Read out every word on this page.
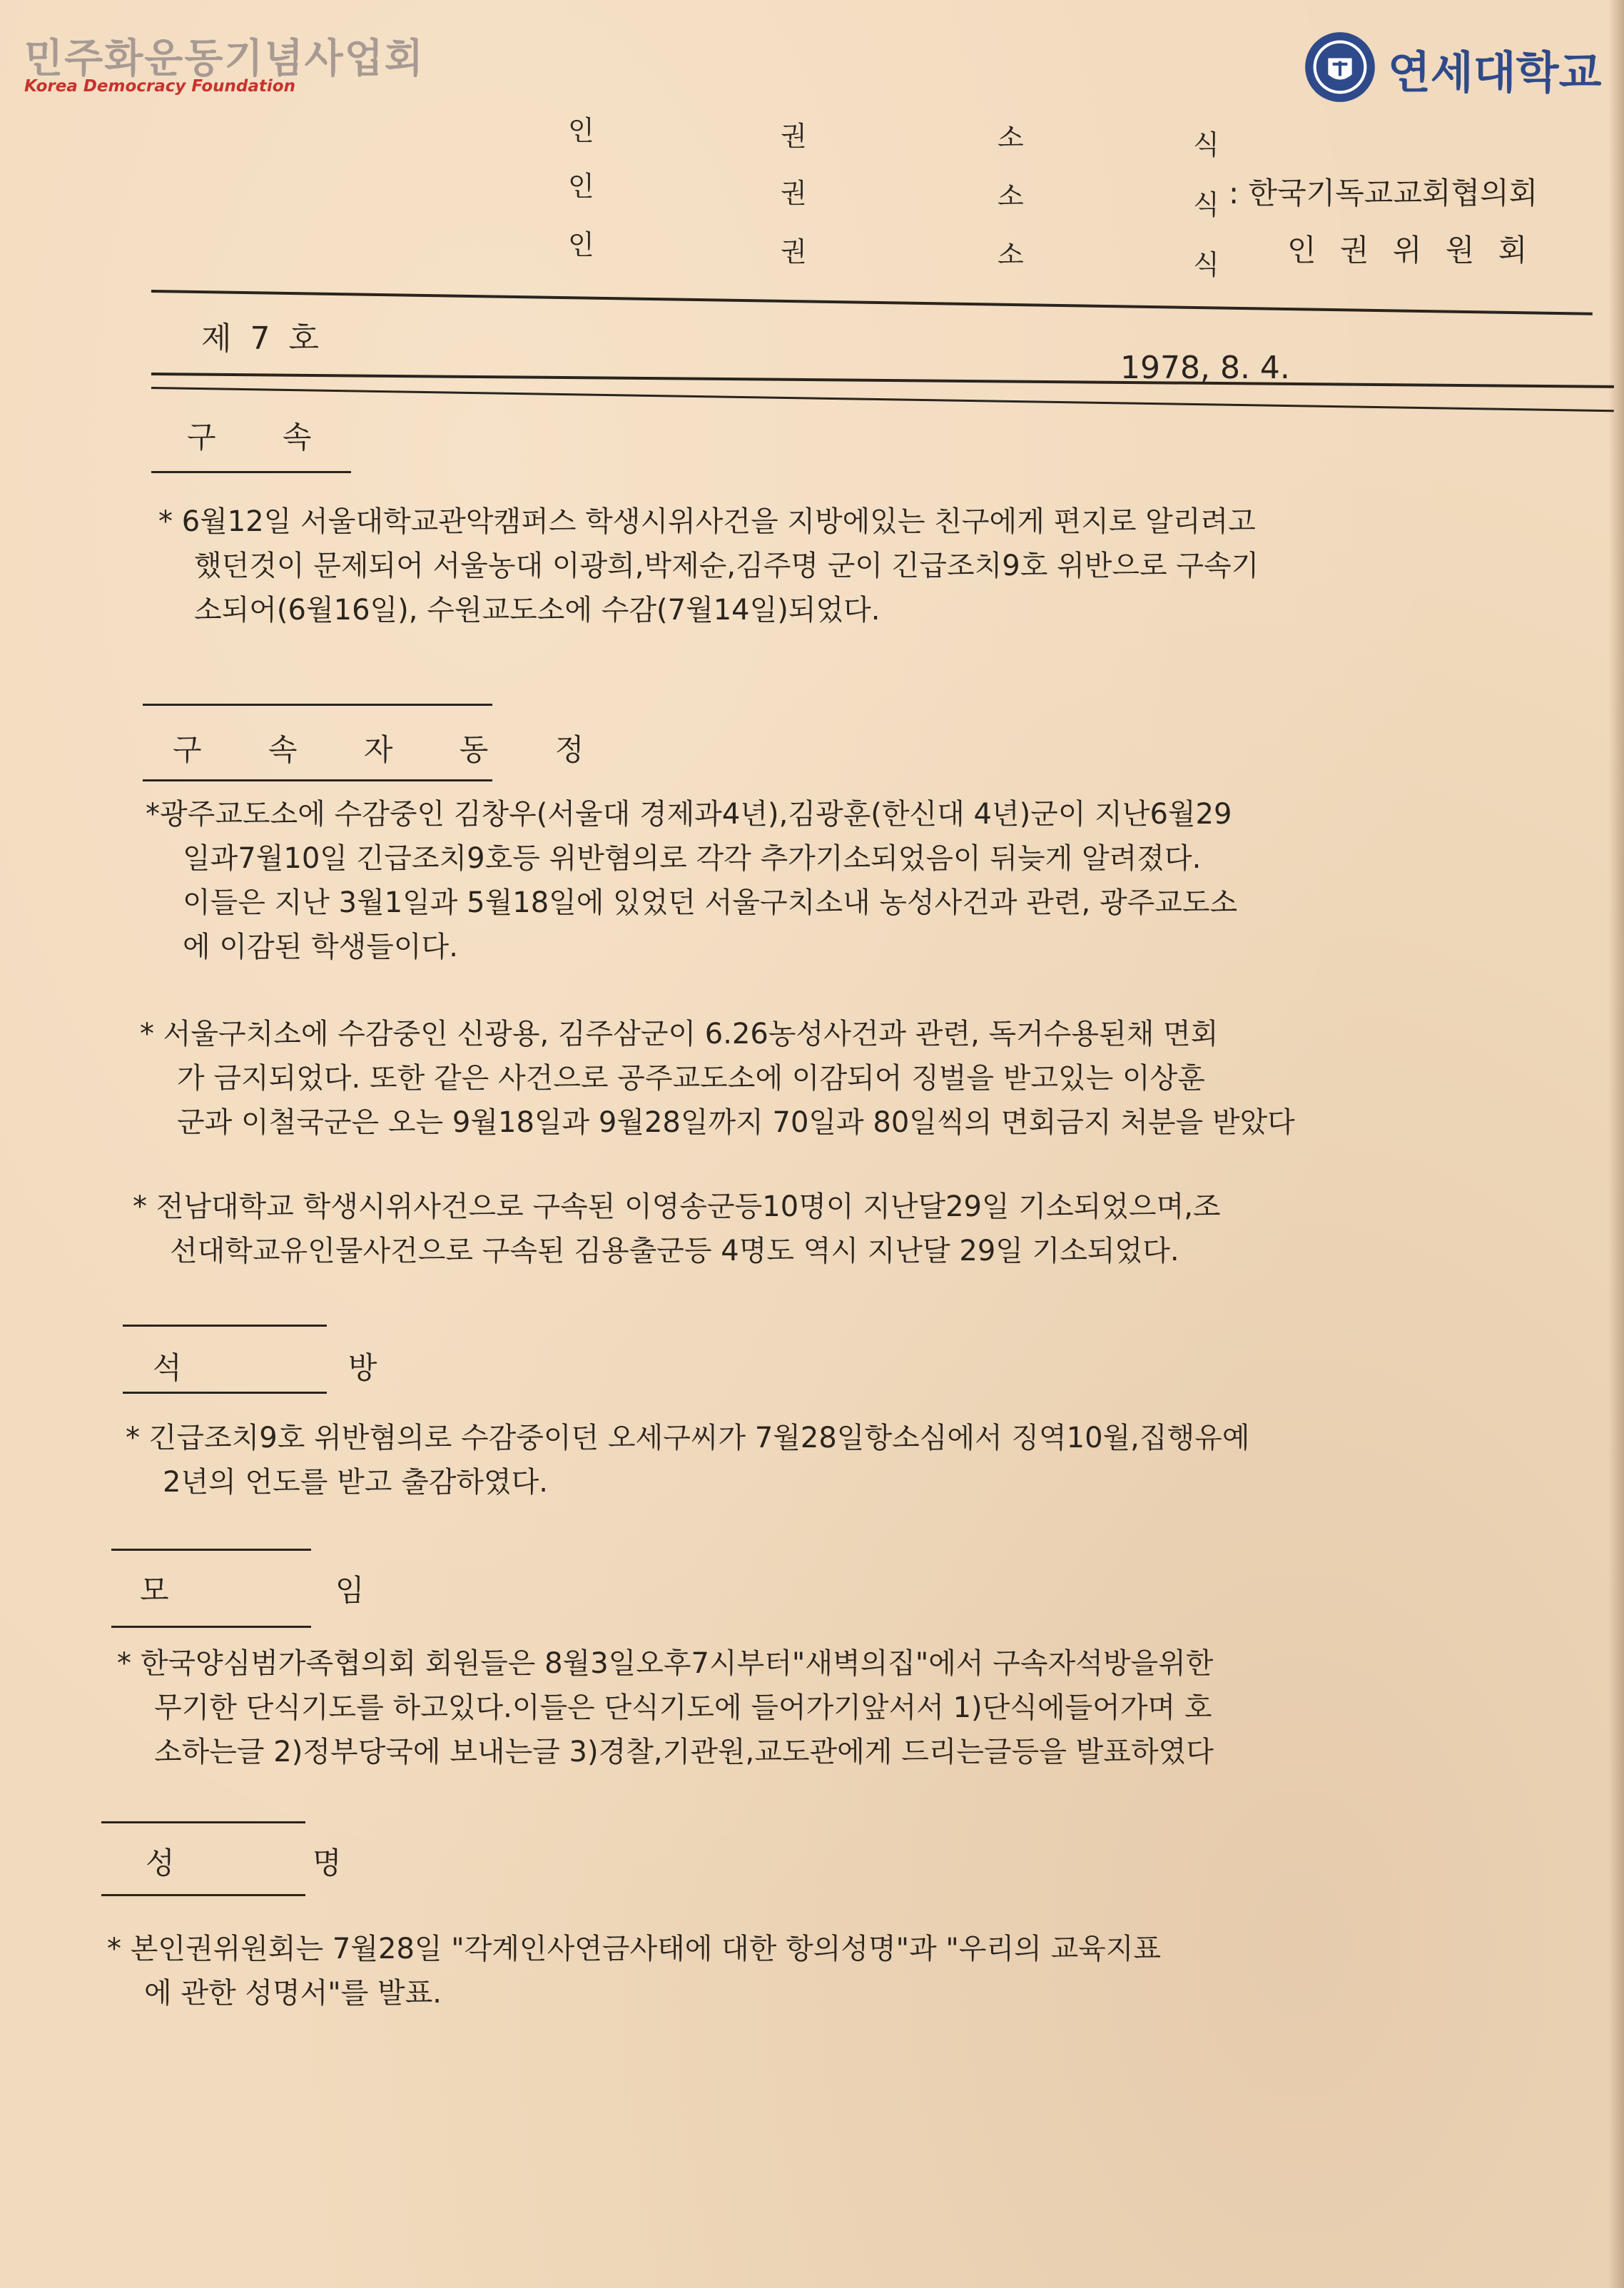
민주화운동기념사업회
Korea Democracy Foundation	연세대학교
인
인
인
권
권
권
소
소
소
식
식
식
: 한국기독교교회협의회
인 권 위 원 회
제 7 호
1978, 8. 4.
구 속
* 6월12일 서울대학교관악캠퍼스 학생시위사건을 지방에있는 친구에게 편지로 알리려고
했던것이 문제되어 서울농대 이광희,박제순,김주명 군이 긴급조치9호 위반으로 구속기
소되어(6월16일), 수원교도소에 수감(7월14일)되었다.
구 속 자 동 정
*광주교도소에 수감중인 김창우(서울대 경제과4년),김광훈(한신대 4년)군이 지난6월29
일과7월10일 긴급조치9호등 위반혐의로 각각 추가기소되었음이 뒤늦게 알려졌다.
이들은 지난 3월1일과 5월18일에 있었던 서울구치소내 농성사건과 관련, 광주교도소
에 이감된 학생들이다.
* 서울구치소에 수감중인 신광용, 김주삼군이 6.26농성사건과 관련, 독거수용된채 면회
가 금지되었다. 또한 같은 사건으로 공주교도소에 이감되어 징벌을 받고있는 이상훈
군과 이철국군은 오는 9월18일과 9월28일까지 70일과 80일씩의 면회금지 처분을 받았다
* 전남대학교 학생시위사건으로 구속된 이영송군등10명이 지난달29일 기소되었으며,조
선대학교유인물사건으로 구속된 김용출군등 4명도 역시 지난달 29일 기소되었다.
석 방
* 긴급조치9호 위반혐의로 수감중이던 오세구씨가 7월28일항소심에서 징역10월,집행유예
2년의 언도를 받고 출감하였다.
모 임
* 한국양심범가족협의회 회원들은 8월3일오후7시부터"새벽의집"에서 구속자석방을위한
무기한 단식기도를 하고있다.이들은 단식기도에 들어가기앞서서 1)단식에들어가며 호
소하는글 2)정부당국에 보내는글 3)경찰,기관원,교도관에게 드리는글등을 발표하였다
성 명
* 본인권위원회는 7월28일 "각계인사연금사태에 대한 항의성명"과 "우리의 교육지표
에 관한 성명서"를 발표.
